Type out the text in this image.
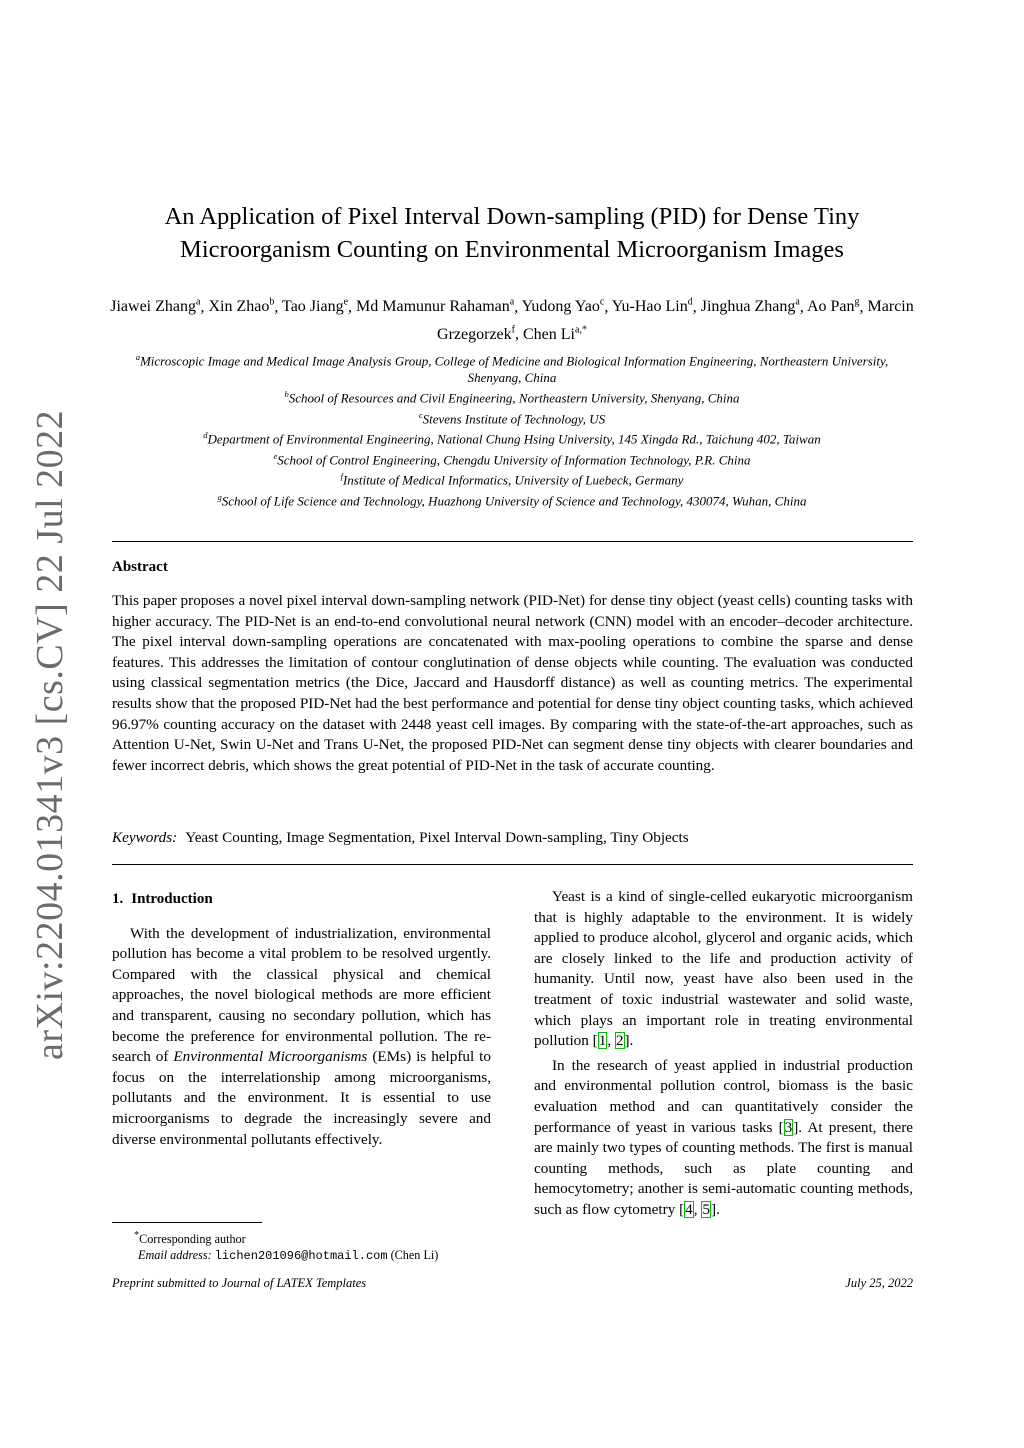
arXiv:2204.01341v3 [cs.CV] 22 Jul 2022
An Application of Pixel Interval Down-sampling (PID) for Dense Tiny
Microorganism Counting on Environmental Microorganism Images
Jiawei Zhang$^a$, Xin Zhao$^b$, Tao Jiang$^e$, Md Mamunur Rahaman$^a$, Yudong Yao$^c$, Yu-Hao Lin$^d$, Jinghua Zhang$^a$, Ao Pan$^g$, Marcin Grzegorzek$^f$, Chen $Li^{a,*}$
$^a$Microscopic Image and Medical Image Analysis Group, College of Medicine and Biological Information Engineering, Northeastern University, Shenyang, China
$^b$School of Resources and Civil Engineering, Northeastern University, Shenyang, China
$^c$Stevens Institute of Technology, US
$^d$Department of Environmental Engineering, National Chung Hsing University, 145 Xingda Rd., Taichung 402, Taiwan
$^e$School of Control Engineering, Chengdu University of Information Technology, P.R. China
$^f$Institute of Medical Informatics, University of Luebeck, Germany
$^g$School of Life Science and Technology, Huazhong University of Science and Technology, 430074, Wuhan, China
Abstract
This paper proposes a novel pixel interval down-sampling network (PID-Net) for dense tiny object (yeast cells) counting tasks with higher accuracy. The PID-Net is an end-to-end convolutional neural network (CNN) model with an encoder–decoder architecture. The pixel interval down-sampling operations are concatenated with max-pooling operations to combine the sparse and dense features. This addresses the limitation of contour conglutination of dense objects while counting. The evaluation was conducted using classical segmentation metrics (the Dice, Jaccard and Hausdorff distance) as well as counting metrics. The experimental results show that the proposed PID-Net had the best performance and potential for dense tiny object counting tasks, which achieved 96.97% counting accuracy on the dataset with 2448 yeast cell images. By comparing with the state-of-the-art approaches, such as Attention U-Net, Swin U-Net and Trans U-Net, the proposed PID-Net can segment dense tiny objects with clearer boundaries and fewer incorrect debris, which shows the great potential of PID-Net in the task of accurate counting.
Keywords: Yeast Counting, Image Segmentation, Pixel Interval Down-sampling, Tiny Objects
1. Introduction

With the development of industrialization, environmental pollution has become a vital problem to be resolved urgently. Compared with the classical physical and chemical approaches, the novel biological methods are more efficient and transparent, causing no secondary pollution, which has become the preference for environmental pollution. The research of Environmental Microorganisms (EMs) is helpful to focus on the interrelationship among microorganisms, pollutants and the environment. It is essential to use microorganisms to degrade the increasingly severe and diverse environmental pollutants effectively.

Yeast is a kind of single-celled eukaryotic microorganism that is highly adaptable to the environment. It is widely applied to produce alcohol, glycerol and organic acids, which are closely linked to the life and production activity of humanity. Until now, yeast have also been used in the treatment of toxic industrial wastewater and solid waste, which plays an important role in treating environmental pollution [1, 2].

In the research of yeast applied in industrial production and environmental pollution control, biomass is the basic evaluation method and can quantitatively consider the performance of yeast in various tasks [3]. At present, there are mainly two types of counting methods. The first is manual counting methods, such as plate counting and hemocytometry; another is semi-automatic counting methods, such as flow cytometry [4, 5].

*Corresponding author
Email address: lichen201096@hotmail.com (Chen Li)
Preprint submitted to Journal of LATEX Templates	July 25, 2022
